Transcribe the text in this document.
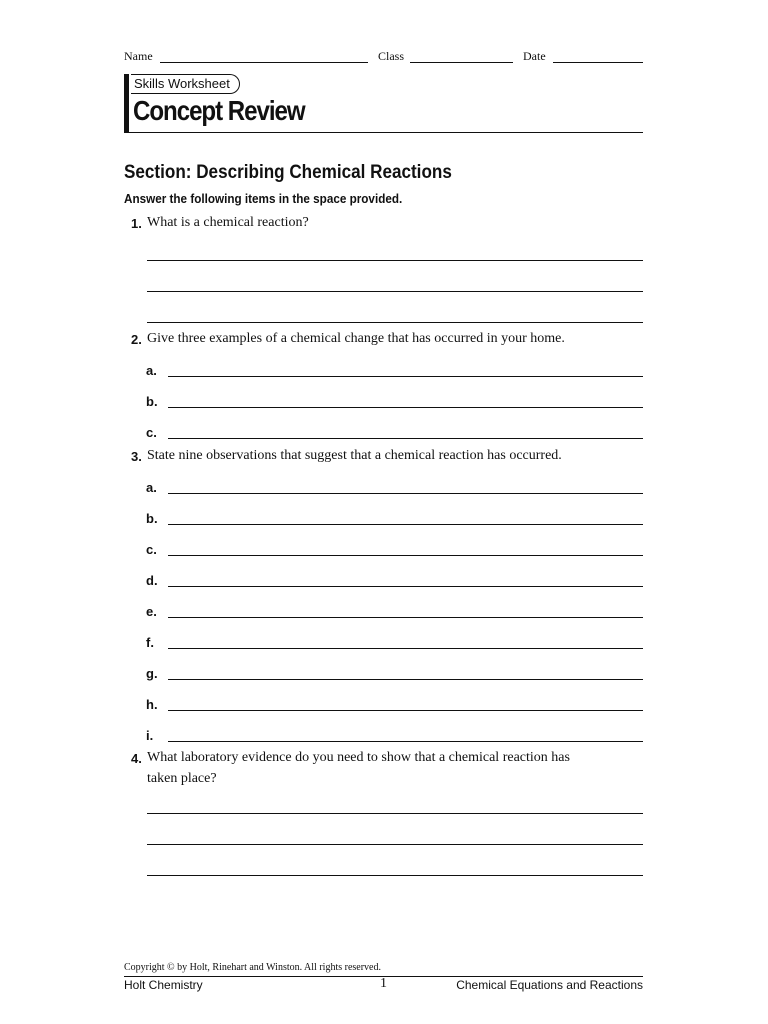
Name	Class	Date
Skills Worksheet
Concept Review
Section: Describing Chemical Reactions
Answer the following items in the space provided.
1. What is a chemical reaction?
2. Give three examples of a chemical change that has occurred in your home.
a.
b.
c.
3. State nine observations that suggest that a chemical reaction has occurred.
a.
b.
c.
d.
e.
f.
g.
h.
i.
4. What laboratory evidence do you need to show that a chemical reaction has
taken place?
Copyright © by Holt, Rinehart and Winston. All rights reserved.
Holt Chemistry	1	Chemical Equations and Reactions
